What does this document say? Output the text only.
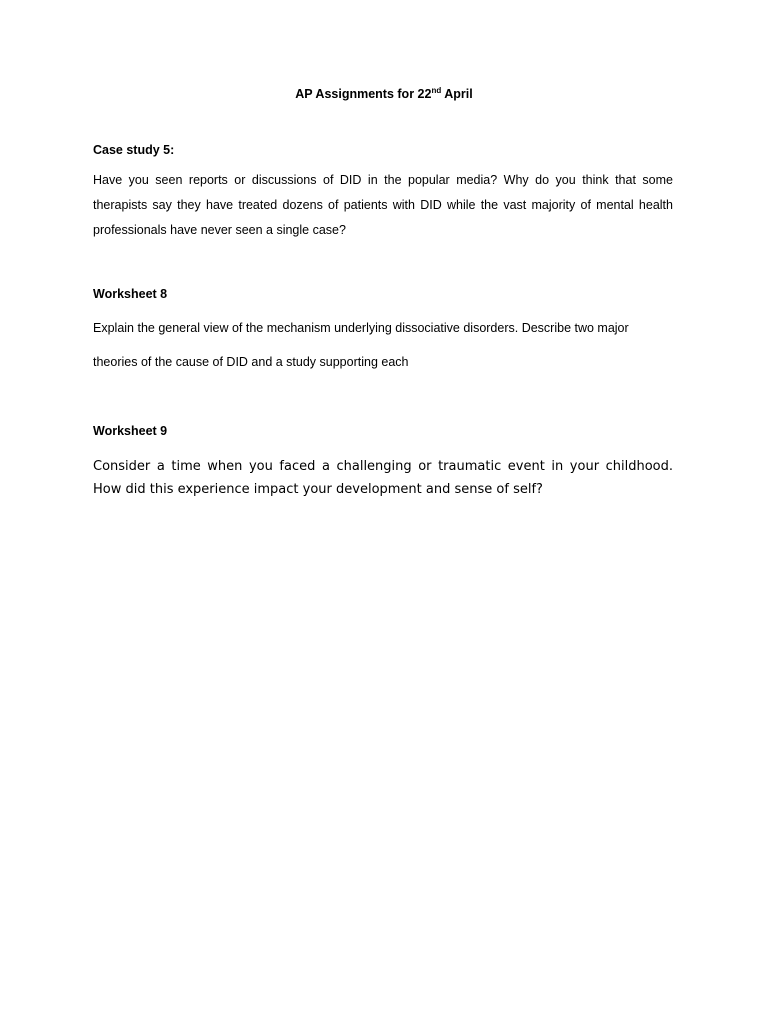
AP Assignments for 22nd April
Case study 5:
Have you seen reports or discussions of DID in the popular media? Why do you think that some
therapists say they have treated dozens of patients with DID while the vast majority of mental health
professionals have never seen a single case?
Worksheet 8
Explain the general view of the mechanism underlying dissociative disorders. Describe two major
theories of the cause of DID and a study supporting each
Worksheet 9
Consider a time when you faced a challenging or traumatic event in your childhood.
How did this experience impact your development and sense of self?
